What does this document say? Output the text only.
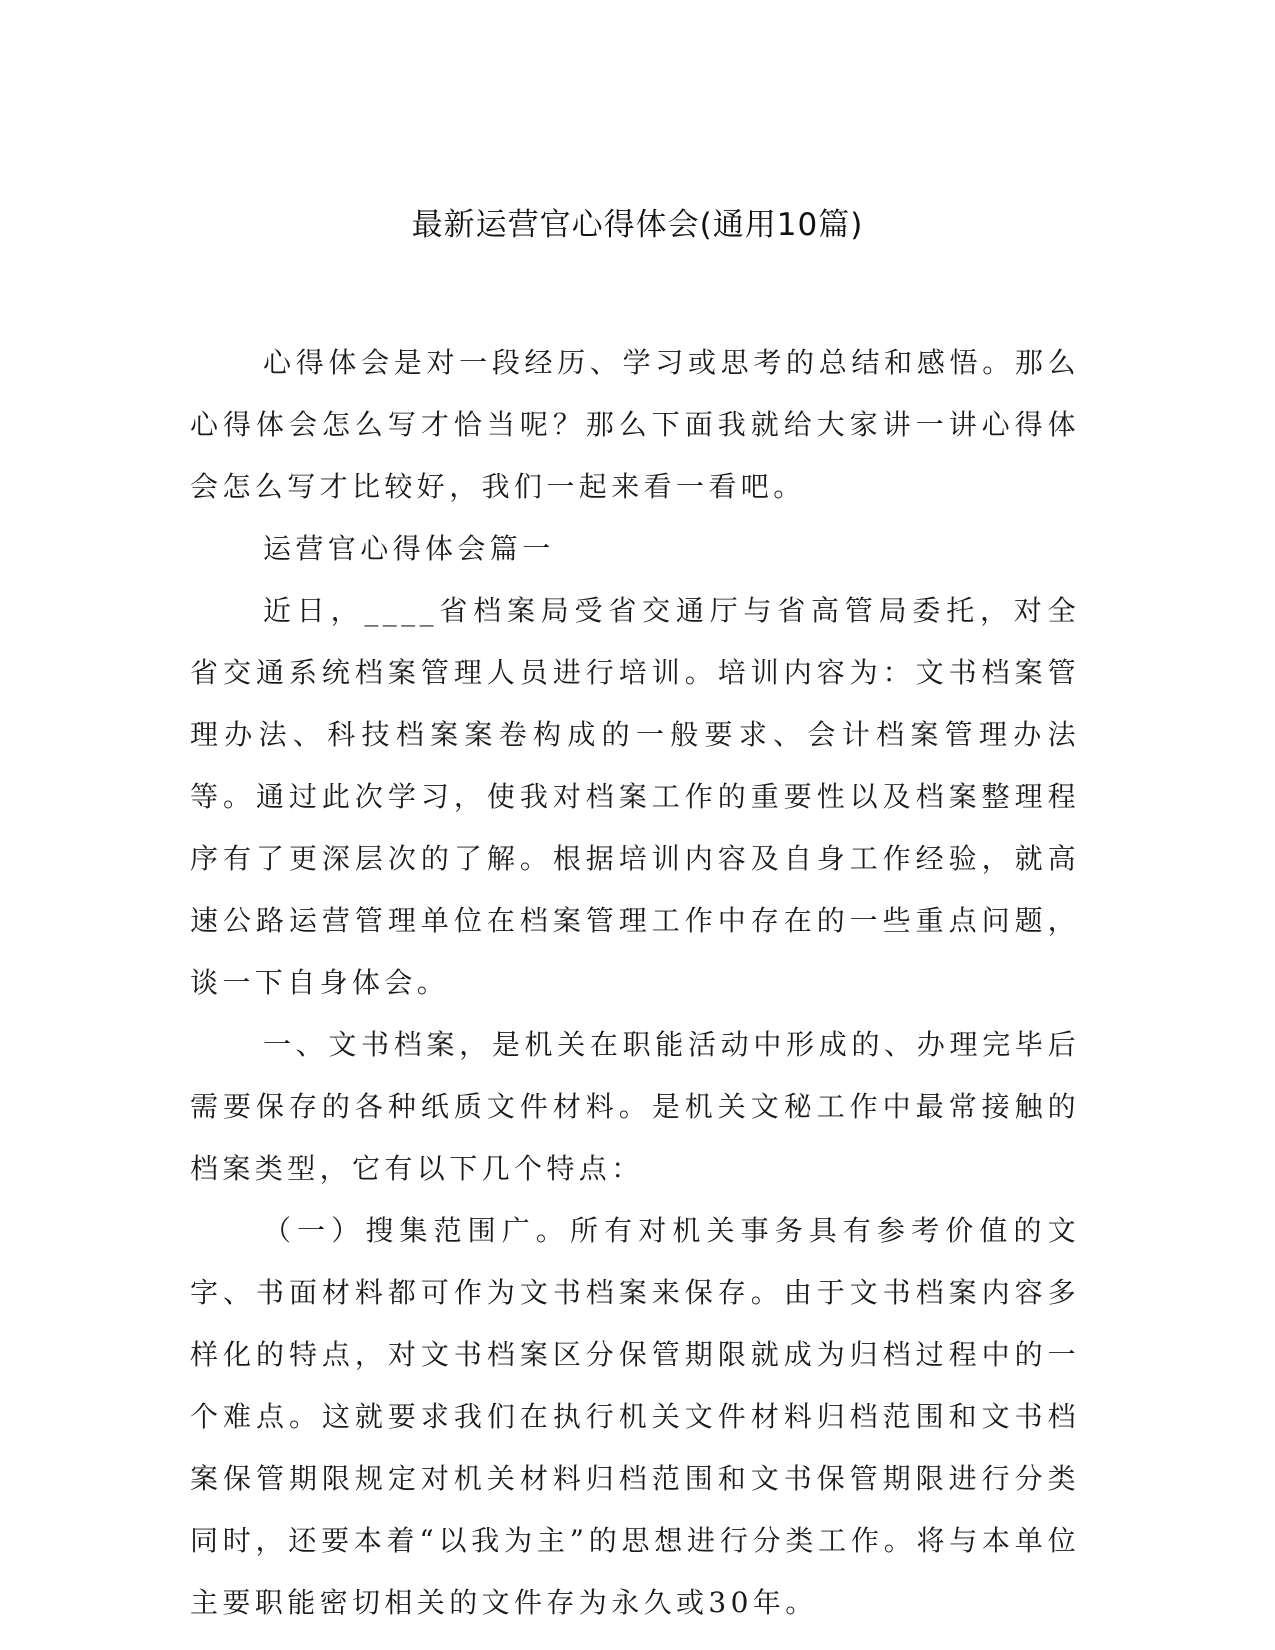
最新运营官心得体会(通用10篇)

心得体会是对一段经历、学习或思考的总结和感悟。那么心得体会怎么写才恰当呢？那么下面我就给大家讲一讲心得体会怎么写才比较好，我们一起来看一看吧。

运营官心得体会篇一

近日，____省档案局受省交通厅与省高管局委托，对全省交通系统档案管理人员进行培训。培训内容为：文书档案管理办法、科技档案案卷构成的一般要求、会计档案管理办法等。通过此次学习，使我对档案工作的重要性以及档案整理程序有了更深层次的了解。根据培训内容及自身工作经验，就高速公路运营管理单位在档案管理工作中存在的一些重点问题，谈一下自身体会。

一、文书档案，是机关在职能活动中形成的、办理完毕后需要保存的各种纸质文件材料。是机关文秘工作中最常接触的档案类型，它有以下几个特点：

（一）搜集范围广。所有对机关事务具有参考价值的文字、书面材料都可作为文书档案来保存。由于文书档案内容多样化的特点，对文书档案区分保管期限就成为归档过程中的一个难点。这就要求我们在执行机关文件材料归档范围和文书档案保管期限规定对机关材料归档范围和文书保管期限进行分类同时，还要本着“以我为主”的思想进行分类工作。将与本单位主要职能密切相关的文件存为永久或30年。
